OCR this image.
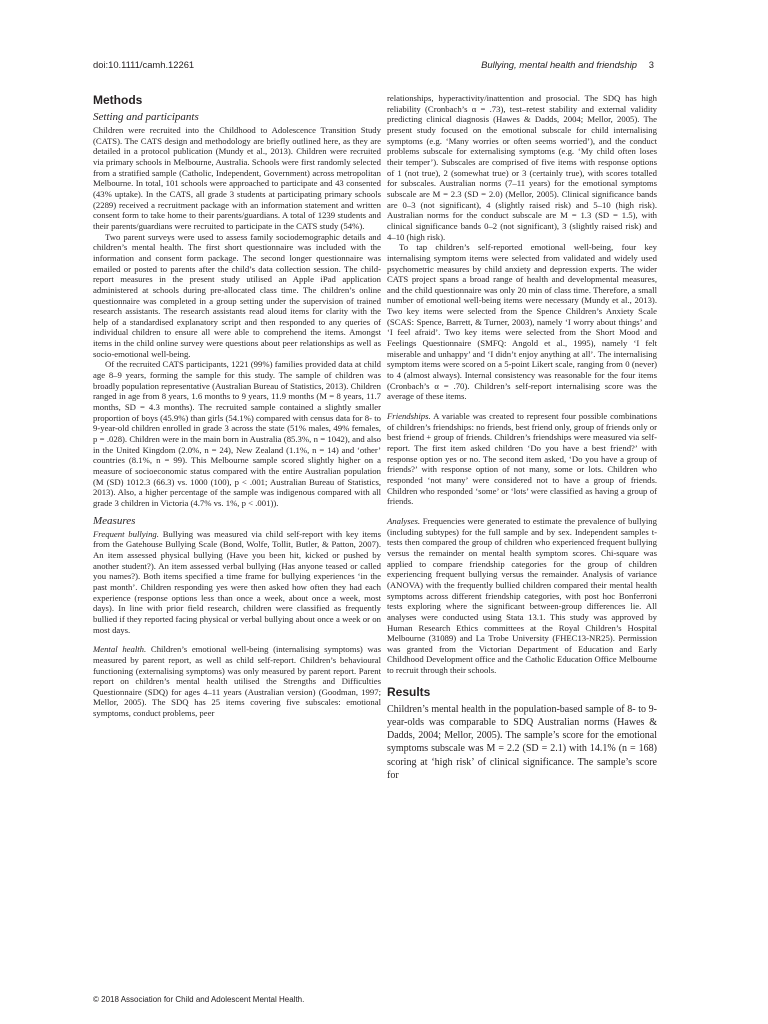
doi:10.1111/camh.12261	Bullying, mental health and friendship 3
Methods
Setting and participants

Children were recruited into the Childhood to Adolescence Transition Study (CATS). The CATS design and methodology are briefly outlined here, as they are detailed in a protocol publication (Mundy et al., 2013). Children were recruited via primary schools in Melbourne, Australia. Schools were first randomly selected from a stratified sample (Catholic, Independent, Government) across metropolitan Melbourne. In total, 101 schools were approached to participate and 43 consented (43% uptake). In the CATS, all grade 3 students at participating primary schools (2289) received a recruitment package with an information statement and written consent form to take home to their parents/guardians. A total of 1239 students and their parents/guardians were recruited to participate in the CATS study (54%).

Two parent surveys were used to assess family sociodemographic details and children’s mental health. The first short questionnaire was included with the information and consent form package. The second longer questionnaire was emailed or posted to parents after the child’s data collection session. The child-report measures in the present study utilised an Apple iPad application administered at schools during pre-allocated class time. The children’s online questionnaire was completed in a group setting under the supervision of trained research assistants. The research assistants read aloud items for clarity with the help of a standardised explanatory script and then responded to any queries of individual children to ensure all were able to comprehend the items. Amongst items in the child online survey were questions about peer relationships as well as socio-emotional well-being.

Of the recruited CATS participants, 1221 (99%) families provided data at child age 8–9 years, forming the sample for this study. The sample of children was broadly population representative (Australian Bureau of Statistics, 2013). Children ranged in age from 8 years, 1.6 months to 9 years, 11.9 months (M = 8 years, 11.7 months, SD = 4.3 months). The recruited sample contained a slightly smaller proportion of boys (45.9%) than girls (54.1%) compared with census data for 8- to 9-year-old children enrolled in grade 3 across the state (51% males, 49% females, p = .028). Children were in the main born in Australia (85.3%, n = 1042), and also in the United Kingdom (2.0%, n = 24), New Zealand (1.1%, n = 14) and ‘other’ countries (8.1%, n = 99). This Melbourne sample scored slightly higher on a measure of socioeconomic status compared with the entire Australian population (M (SD) 1012.3 (66.3) vs. 1000 (100), p < .001; Australian Bureau of Statistics, 2013). Also, a higher percentage of the sample was indigenous compared with all grade 3 children in Victoria (4.7% vs. 1%, p < .001)).

Measures

Frequent bullying. Bullying was measured via child self-report with key items from the Gatehouse Bullying Scale (Bond, Wolfe, Tollit, Butler, & Patton, 2007). An item assessed physical bullying (Have you been hit, kicked or pushed by another student?). An item assessed verbal bullying (Has anyone teased or called you names?). Both items specified a time frame for bullying experiences ‘in the past month’. Children responding yes were then asked how often they had each experience (response options less than once a week, about once a week, most days). In line with prior field research, children were classified as frequently bullied if they reported facing physical or verbal bullying about once a week or on most days.

Mental health. Children’s emotional well-being (internalising symptoms) was measured by parent report, as well as child self-report. Children’s behavioural functioning (externalising symptoms) was only measured by parent report. Parent report on children’s mental health utilised the Strengths and Difficulties Questionnaire (SDQ) for ages 4–11 years (Australian version) (Goodman, 1997; Mellor, 2005). The SDQ has 25 items covering five subscales: emotional symptoms, conduct problems, peer

relationships, hyperactivity/inattention and prosocial. The SDQ has high reliability (Cronbach’s α = .73), test–retest stability and external validity predicting clinical diagnosis (Hawes & Dadds, 2004; Mellor, 2005). The present study focused on the emotional subscale for child internalising symptoms (e.g. ‘Many worries or often seems worried’), and the conduct problems subscale for externalising symptoms (e.g. ‘My child often loses their temper’). Subscales are comprised of five items with response options of 1 (not true), 2 (somewhat true) or 3 (certainly true), with scores totalled for subscales. Australian norms (7–11 years) for the emotional symptoms subscale are M = 2.3 (SD = 2.0) (Mellor, 2005). Clinical significance bands are 0–3 (not significant), 4 (slightly raised risk) and 5–10 (high risk). Australian norms for the conduct subscale are M = 1.3 (SD = 1.5), with clinical significance bands 0–2 (not significant), 3 (slightly raised risk) and 4–10 (high risk).

To tap children’s self-reported emotional well-being, four key internalising symptom items were selected from validated and widely used psychometric measures by child anxiety and depression experts. The wider CATS project spans a broad range of health and developmental measures, and the child questionnaire was only 20 min of class time. Therefore, a small number of emotional well-being items were necessary (Mundy et al., 2013). Two key items were selected from the Spence Children’s Anxiety Scale (SCAS: Spence, Barrett, & Turner, 2003), namely ‘I worry about things’ and ‘I feel afraid’. Two key items were selected from the Short Mood and Feelings Questionnaire (SMFQ: Angold et al., 1995), namely ‘I felt miserable and unhappy’ and ‘I didn’t enjoy anything at all’. The internalising symptom items were scored on a 5-point Likert scale, ranging from 0 (never) to 4 (almost always). Internal consistency was reasonable for the four items (Cronbach’s α = .70). Children’s self-report internalising score was the average of these items.

Friendships. A variable was created to represent four possible combinations of children’s friendships: no friends, best friend only, group of friends only or best friend + group of friends. Children’s friendships were measured via self-report. The first item asked children ‘Do you have a best friend?’ with response option yes or no. The second item asked, ‘Do you have a group of friends?’ with response option of not many, some or lots. Children who responded ‘not many’ were considered not to have a group of friends. Children who responded ‘some’ or ‘lots’ were classified as having a group of friends.

Analyses. Frequencies were generated to estimate the prevalence of bullying (including subtypes) for the full sample and by sex. Independent samples t-tests then compared the group of children who experienced frequent bullying versus the remainder on mental health symptom scores. Chi-square was applied to compare friendship categories for the group of children experiencing frequent bullying versus the remainder. Analysis of variance (ANOVA) with the frequently bullied children compared their mental health symptoms across different friendship categories, with post hoc Bonferroni tests exploring where the significant between-group differences lie. All analyses were conducted using Stata 13.1. This study was approved by Human Research Ethics committees at the Royal Children’s Hospital Melbourne (31089) and La Trobe University (FHEC13-NR25). Permission was granted from the Victorian Department of Education and Early Childhood Development office and the Catholic Education Office Melbourne to recruit through their schools.

Results

Children’s mental health in the population-based sample of 8- to 9-year-olds was comparable to SDQ Australian norms (Hawes & Dadds, 2004; Mellor, 2005). The sample’s score for the emotional symptoms subscale was M = 2.2 (SD = 2.1) with 14.1% (n = 168) scoring at ‘high risk’ of clinical significance. The sample’s score for

© 2018 Association for Child and Adolescent Mental Health.
